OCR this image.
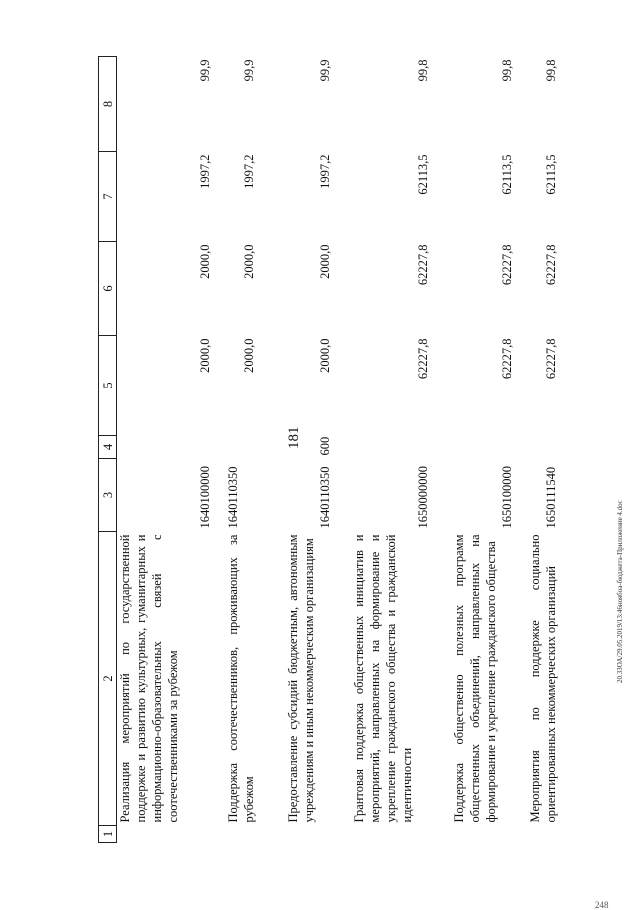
181
20.3ЗОА/29.05.2019/13:46ноябоа-бюджета-Приложение 4.doc
248
1	2	3	4	5	6	7	8
	Реализация мероприятий по государственной поддержке и развитию культурных, гуманитарных и информационно-образовательных связей с соотечественниками за рубежом	1640100000		2000,0	2000,0	1997,2	99,9
	Поддержка соотечественников, проживающих за рубежом	1640110350		2000,0	2000,0	1997,2	99,9
	Предоставление субсидий бюджетным, автономным учреждениям и иным некоммерческим организациям	1640110350	600	2000,0	2000,0	1997,2	99,9
	Грантовая поддержка общественных инициатив и мероприятий, направленных на формирование и укрепление гражданского общества и гражданской идентичности	1650000000		62227,8	62227,8	62113,5	99,8
	Поддержка общественно полезных программ общественных объединений, направленных на формирование и укрепление гражданского общества	1650100000		62227,8	62227,8	62113,5	99,8
	Мероприятия по поддержке социально ориентированных некоммерческих организаций	1650111540		62227,8	62227,8	62113,5	99,8
